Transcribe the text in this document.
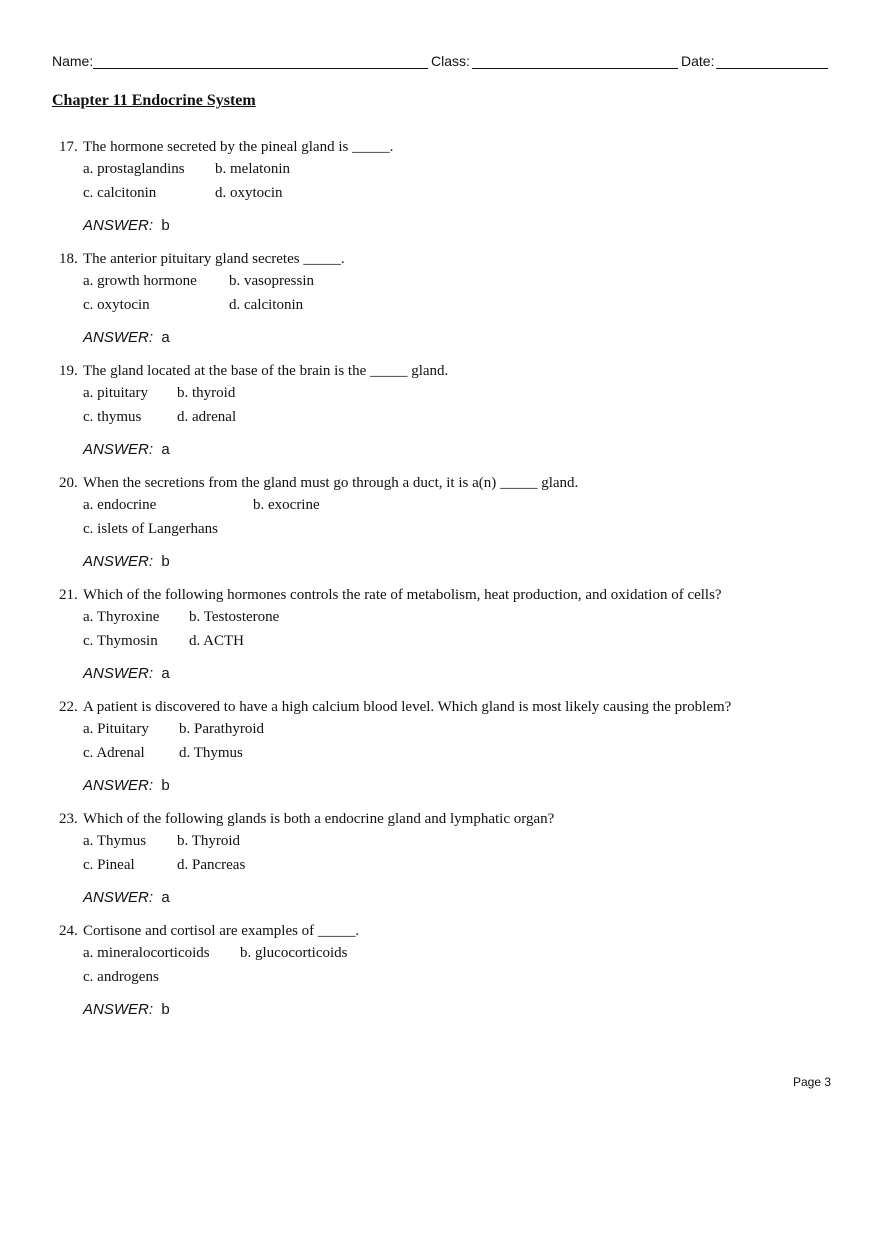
Name:	Class:	Date:
Chapter 11 Endocrine System
17. The hormone secreted by the pineal gland is _____.
a. prostaglandins b. melatonin
c. calcitonin	d. oxytocin
ANSWER: b
18. The anterior pituitary gland secretes _____.
a. growth hormone b. vasopressin
c. oxytocin	d. calcitonin
ANSWER: a
19. The gland located at the base of the brain is the _____ gland.
a. pituitary b. thyroid
c. thymus d. adrenal
ANSWER: a
20. When the secretions from the gland must go through a duct, it is a(n) _____ gland.
a. endocrine	b. exocrine
c. islets of Langerhans
ANSWER: b
21. Which of the following hormones controls the rate of metabolism, heat production, and oxidation of cells?
a. Thyroxine b. Testosterone
c. Thymosin d. ACTH
ANSWER: a
22. A patient is discovered to have a high calcium blood level. Which gland is most likely causing the problem?
a. Pituitary b. Parathyroid
c. Adrenal d. Thymus
ANSWER: b
23. Which of the following glands is both a endocrine gland and lymphatic organ?
a. Thymus b. Thyroid
c. Pineal	d. Pancreas
ANSWER: a
24. Cortisone and cortisol are examples of _____.
a. mineralocorticoids b. glucocorticoids
c. androgens
ANSWER: b
Page 3
